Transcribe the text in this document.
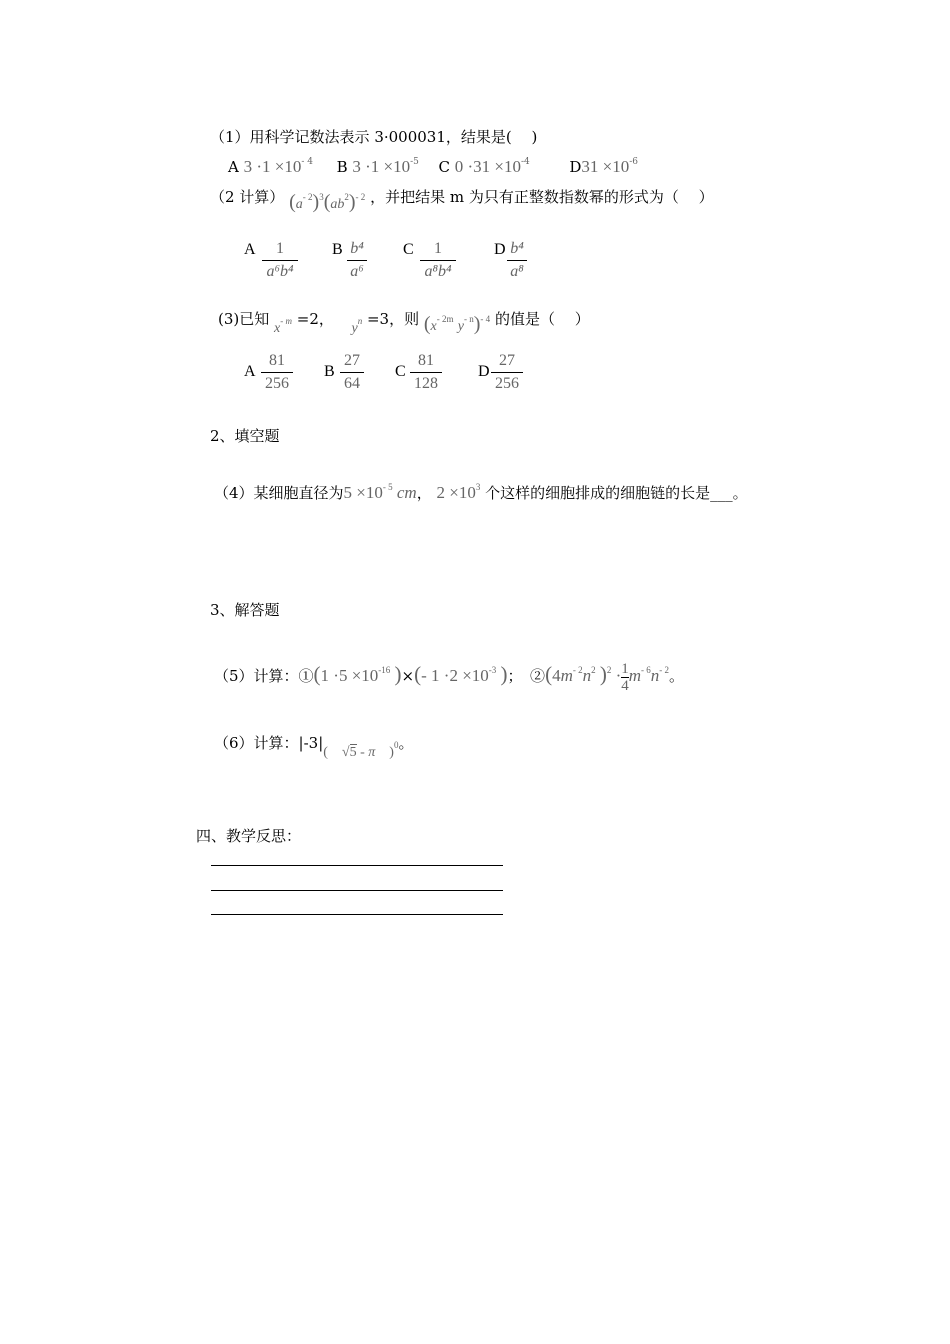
（1）用科学记数法表示 3·000031，结果是(　 )
A $3 \cdot 1 \times 10^{- 4}$ B $3 \cdot 1 \times 10^{-5}$ C $0 \cdot 31 \times 10^{-4}$	$D31 \times 10^{-6}$
（2 计算） $(a^{- 2})^3(ab^2)^{- 2}$ ，并把结果 m 为只有正整数指数幂的形式为（　 ）
A	1
a⁶b⁴
B b⁴
a⁶
C	1
a⁸b⁴
D b⁴
a⁸
(3)已知 $x^{- m} =2$，  $y^n =3$，则 ($x^{- 2m}$ $y^{- n})^{- 4}$ 的值是（　 ）
A
81
256
B
27
64
C
81
128
D
27
256
2、填空题
（4）某细胞直径为$5 \times 10^{- 5}$ cm， $2 \times 10^3$ 个这样的细胞排成的细胞链的长是___。
3、解答题
（5）计算：①(1 $\cdot 5 \times 10^{-16}$ )×(- $1 \cdot 2 \times 10^{-3}$ )；　$②(4m^{- 2}n^2$ )$^2 \cdot \frac{1}{4} m^{- 6}n^{- 2}$。
（6）计算：|-3|(　√5 - π　)$^0$。
四、教学反思：
